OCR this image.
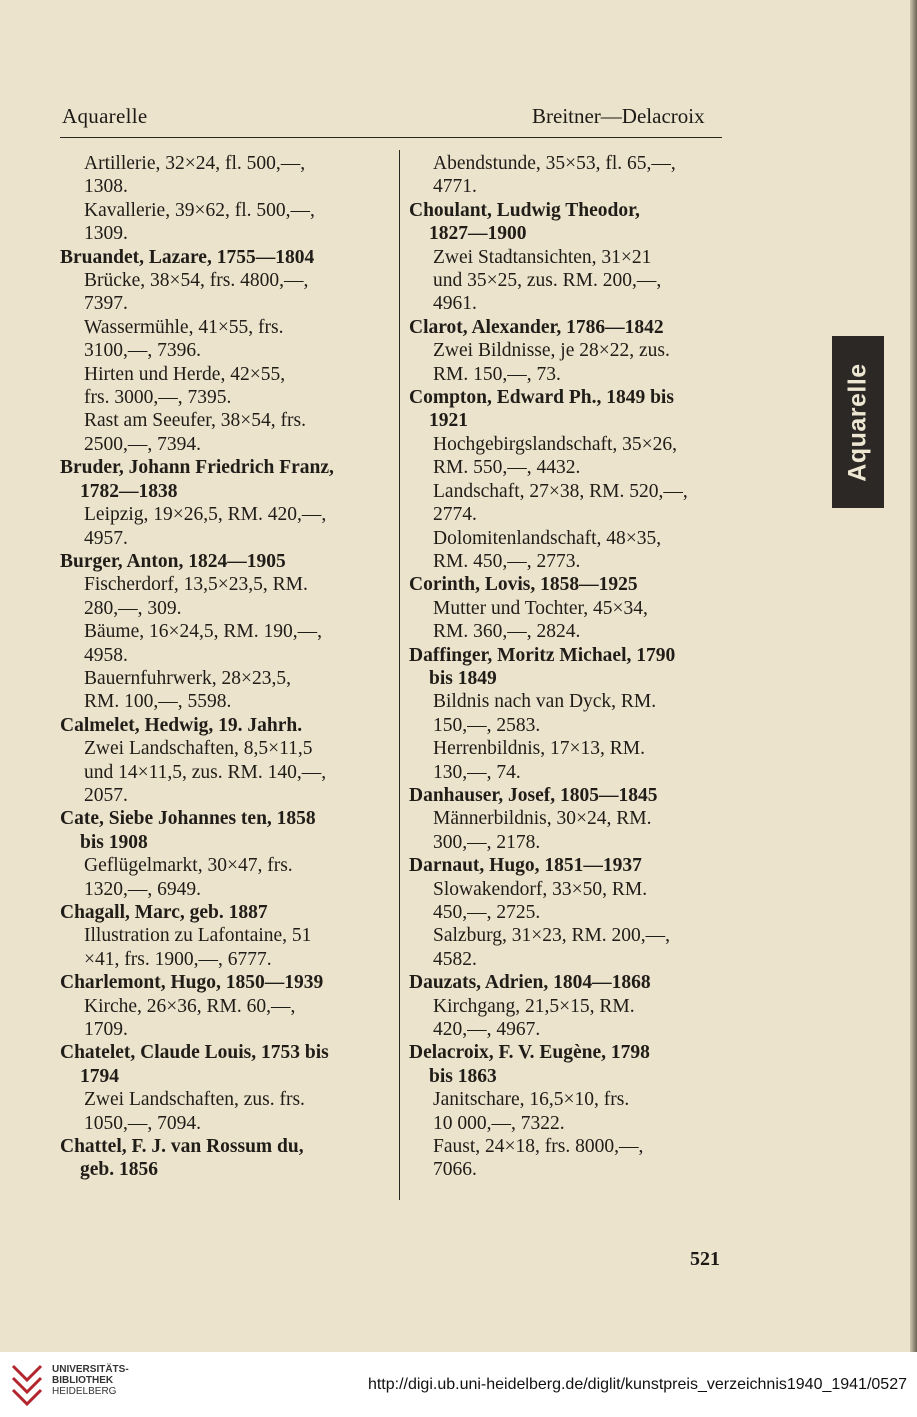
Aquarelle	Breitner—Delacroix
Artillerie, 32×24, fl. 500,—,
1308.
Kavallerie, 39×62, fl. 500,—,
1309.
Bruandet, Lazare, 1755—1804
Brücke, 38×54, frs. 4800,—,
7397.
Wassermühle, 41×55, frs.
3100,—, 7396.
Hirten und Herde, 42×55,
frs. 3000,—, 7395.
Rast am Seeufer, 38×54, frs.
2500,—, 7394.
Bruder, Johann Friedrich Franz,
1782—1838
Leipzig, 19×26,5, RM. 420,—,
4957.
Burger, Anton, 1824—1905
Fischerdorf, 13,5×23,5, RM.
280,—, 309.
Bäume, 16×24,5, RM. 190,—,
4958.
Bauernfuhrwerk, 28×23,5,
RM. 100,—, 5598.
Calmelet, Hedwig, 19. Jahrh.
Zwei Landschaften, 8,5×11,5
und 14×11,5, zus. RM. 140,—,
2057.
Cate, Siebe Johannes ten, 1858
bis 1908
Geflügelmarkt, 30×47, frs.
1320,—, 6949.
Chagall, Marc, geb. 1887
Illustration zu Lafontaine, 51
×41, frs. 1900,—, 6777.
Charlemont, Hugo, 1850—1939
Kirche, 26×36, RM. 60,—,
1709.
Chatelet, Claude Louis, 1753 bis
1794
Zwei Landschaften, zus. frs.
1050,—, 7094.
Chattel, F. J. van Rossum du,
geb. 1856
Abendstunde, 35×53, fl. 65,—,
4771.
Choulant, Ludwig Theodor,
1827—1900
Zwei Stadtansichten, 31×21
und 35×25, zus. RM. 200,—,
4961.
Clarot, Alexander, 1786—1842
Zwei Bildnisse, je 28×22, zus.
RM. 150,—, 73.
Compton, Edward Ph., 1849 bis
1921
Hochgebirgslandschaft, 35×26,
RM. 550,—, 4432.
Landschaft, 27×38, RM. 520,—,
2774.
Dolomitenlandschaft, 48×35,
RM. 450,—, 2773.
Corinth, Lovis, 1858—1925
Mutter und Tochter, 45×34,
RM. 360,—, 2824.
Daffinger, Moritz Michael, 1790
bis 1849
Bildnis nach van Dyck, RM.
150,—, 2583.
Herrenbildnis, 17×13, RM.
130,—, 74.
Danhauser, Josef, 1805—1845
Männerbildnis, 30×24, RM.
300,—, 2178.
Darnaut, Hugo, 1851—1937
Slowakendorf, 33×50, RM.
450,—, 2725.
Salzburg, 31×23, RM. 200,—,
4582.
Dauzats, Adrien, 1804—1868
Kirchgang, 21,5×15, RM.
420,—, 4967.
Delacroix, F. V. Eugène, 1798
bis 1863
Janitschare, 16,5×10, frs.
10 000,—, 7322.
Faust, 24×18, frs. 8000,—,
7066.
Aquarelle
521
UNIVERSITÄTS-
BIBLIOTHEK
HEIDELBERG	http://digi.ub.uni-heidelberg.de/diglit/kunstpreis_verzeichnis1940_1941/0527
